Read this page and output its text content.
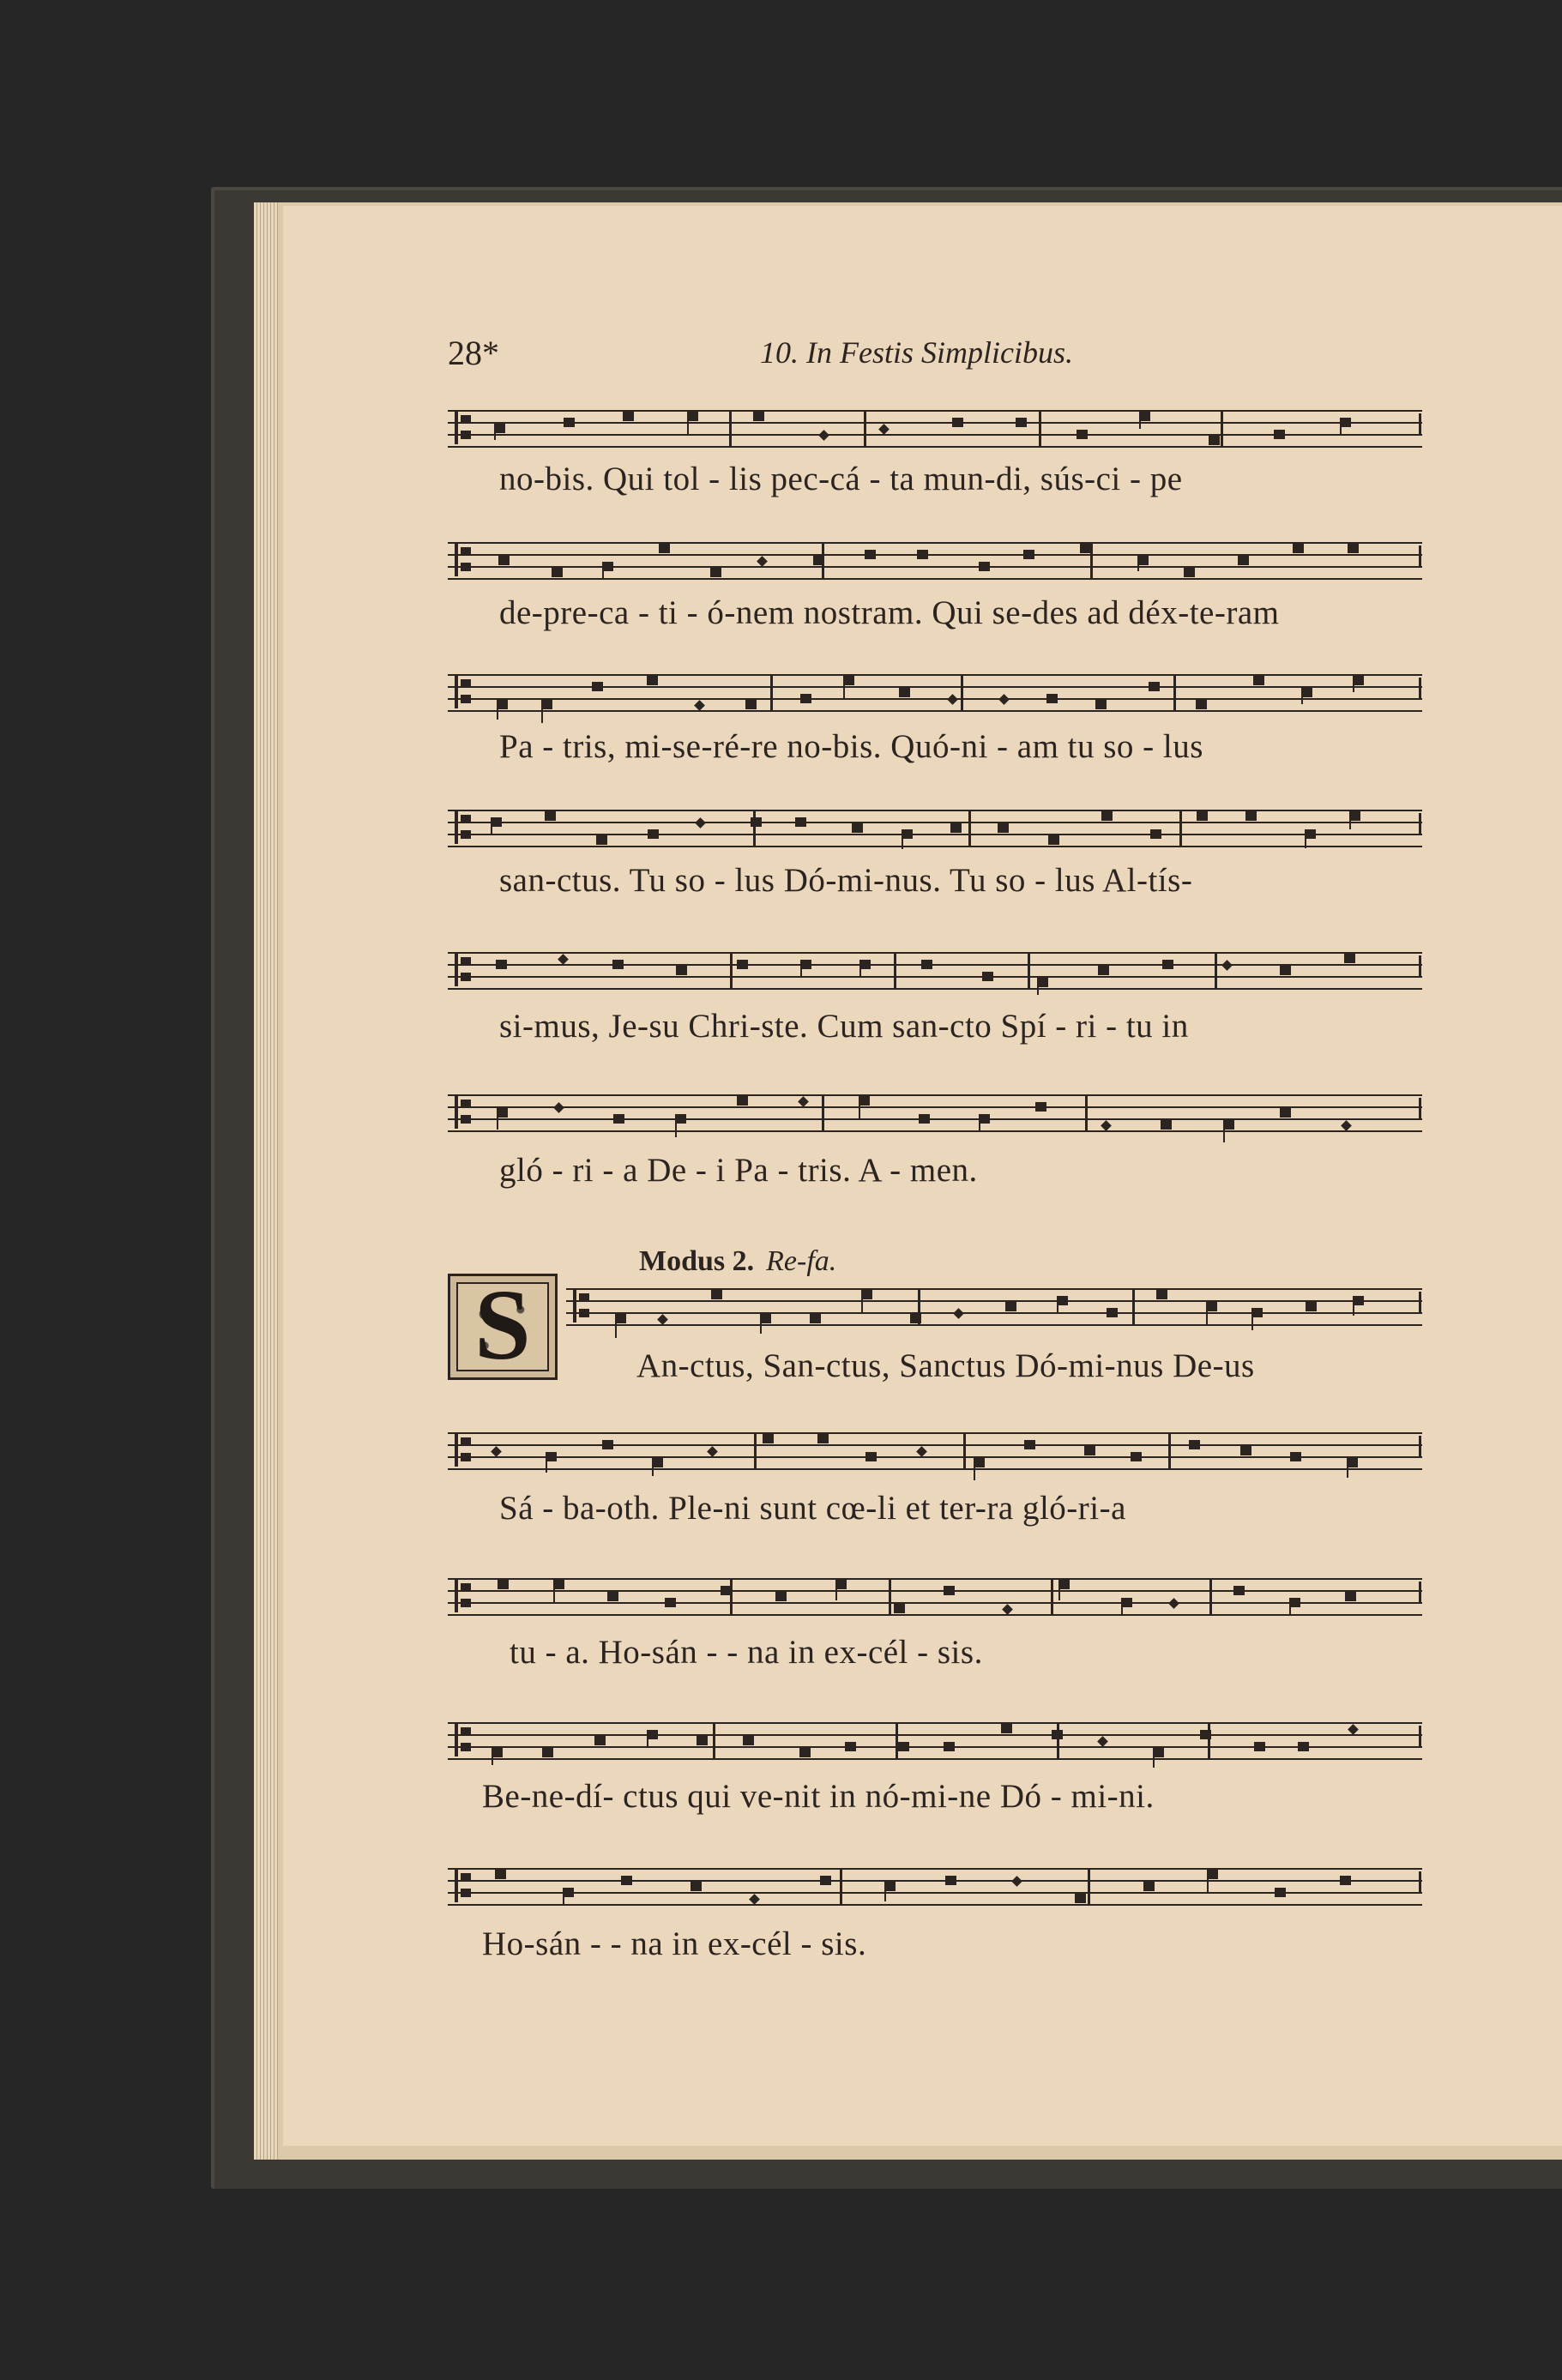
28*	10. In Festis Simplicibus.
no-bis. Qui tol - lis pec-cá - ta mun-di, sús-ci - pe
de-pre-ca - ti - ó-nem nostram. Qui se-des ad déx-te-ram
Pa - tris, mi-se-ré-re no-bis. Quó-ni - am tu so - lus
san-ctus. Tu so - lus Dó-mi-nus. Tu so - lus Al-tís-
si-mus, Je-su Chri-ste. Cum san-cto Spí - ri - tu in
gló - ri - a De - i Pa - tris. A - men.
Modus 2. Re-fa.
S	An-ctus, San-ctus, Sanctus Dó-mi-nus De-us
Sá - ba-oth. Ple-ni sunt cœ-li et ter-ra gló-ri-a
tu - a. Ho-sán - - na in ex-cél - sis.
Be-ne-dí- ctus qui ve-nit in nó-mi-ne Dó - mi-ni.
Ho-sán - - na in ex-cél - sis.
